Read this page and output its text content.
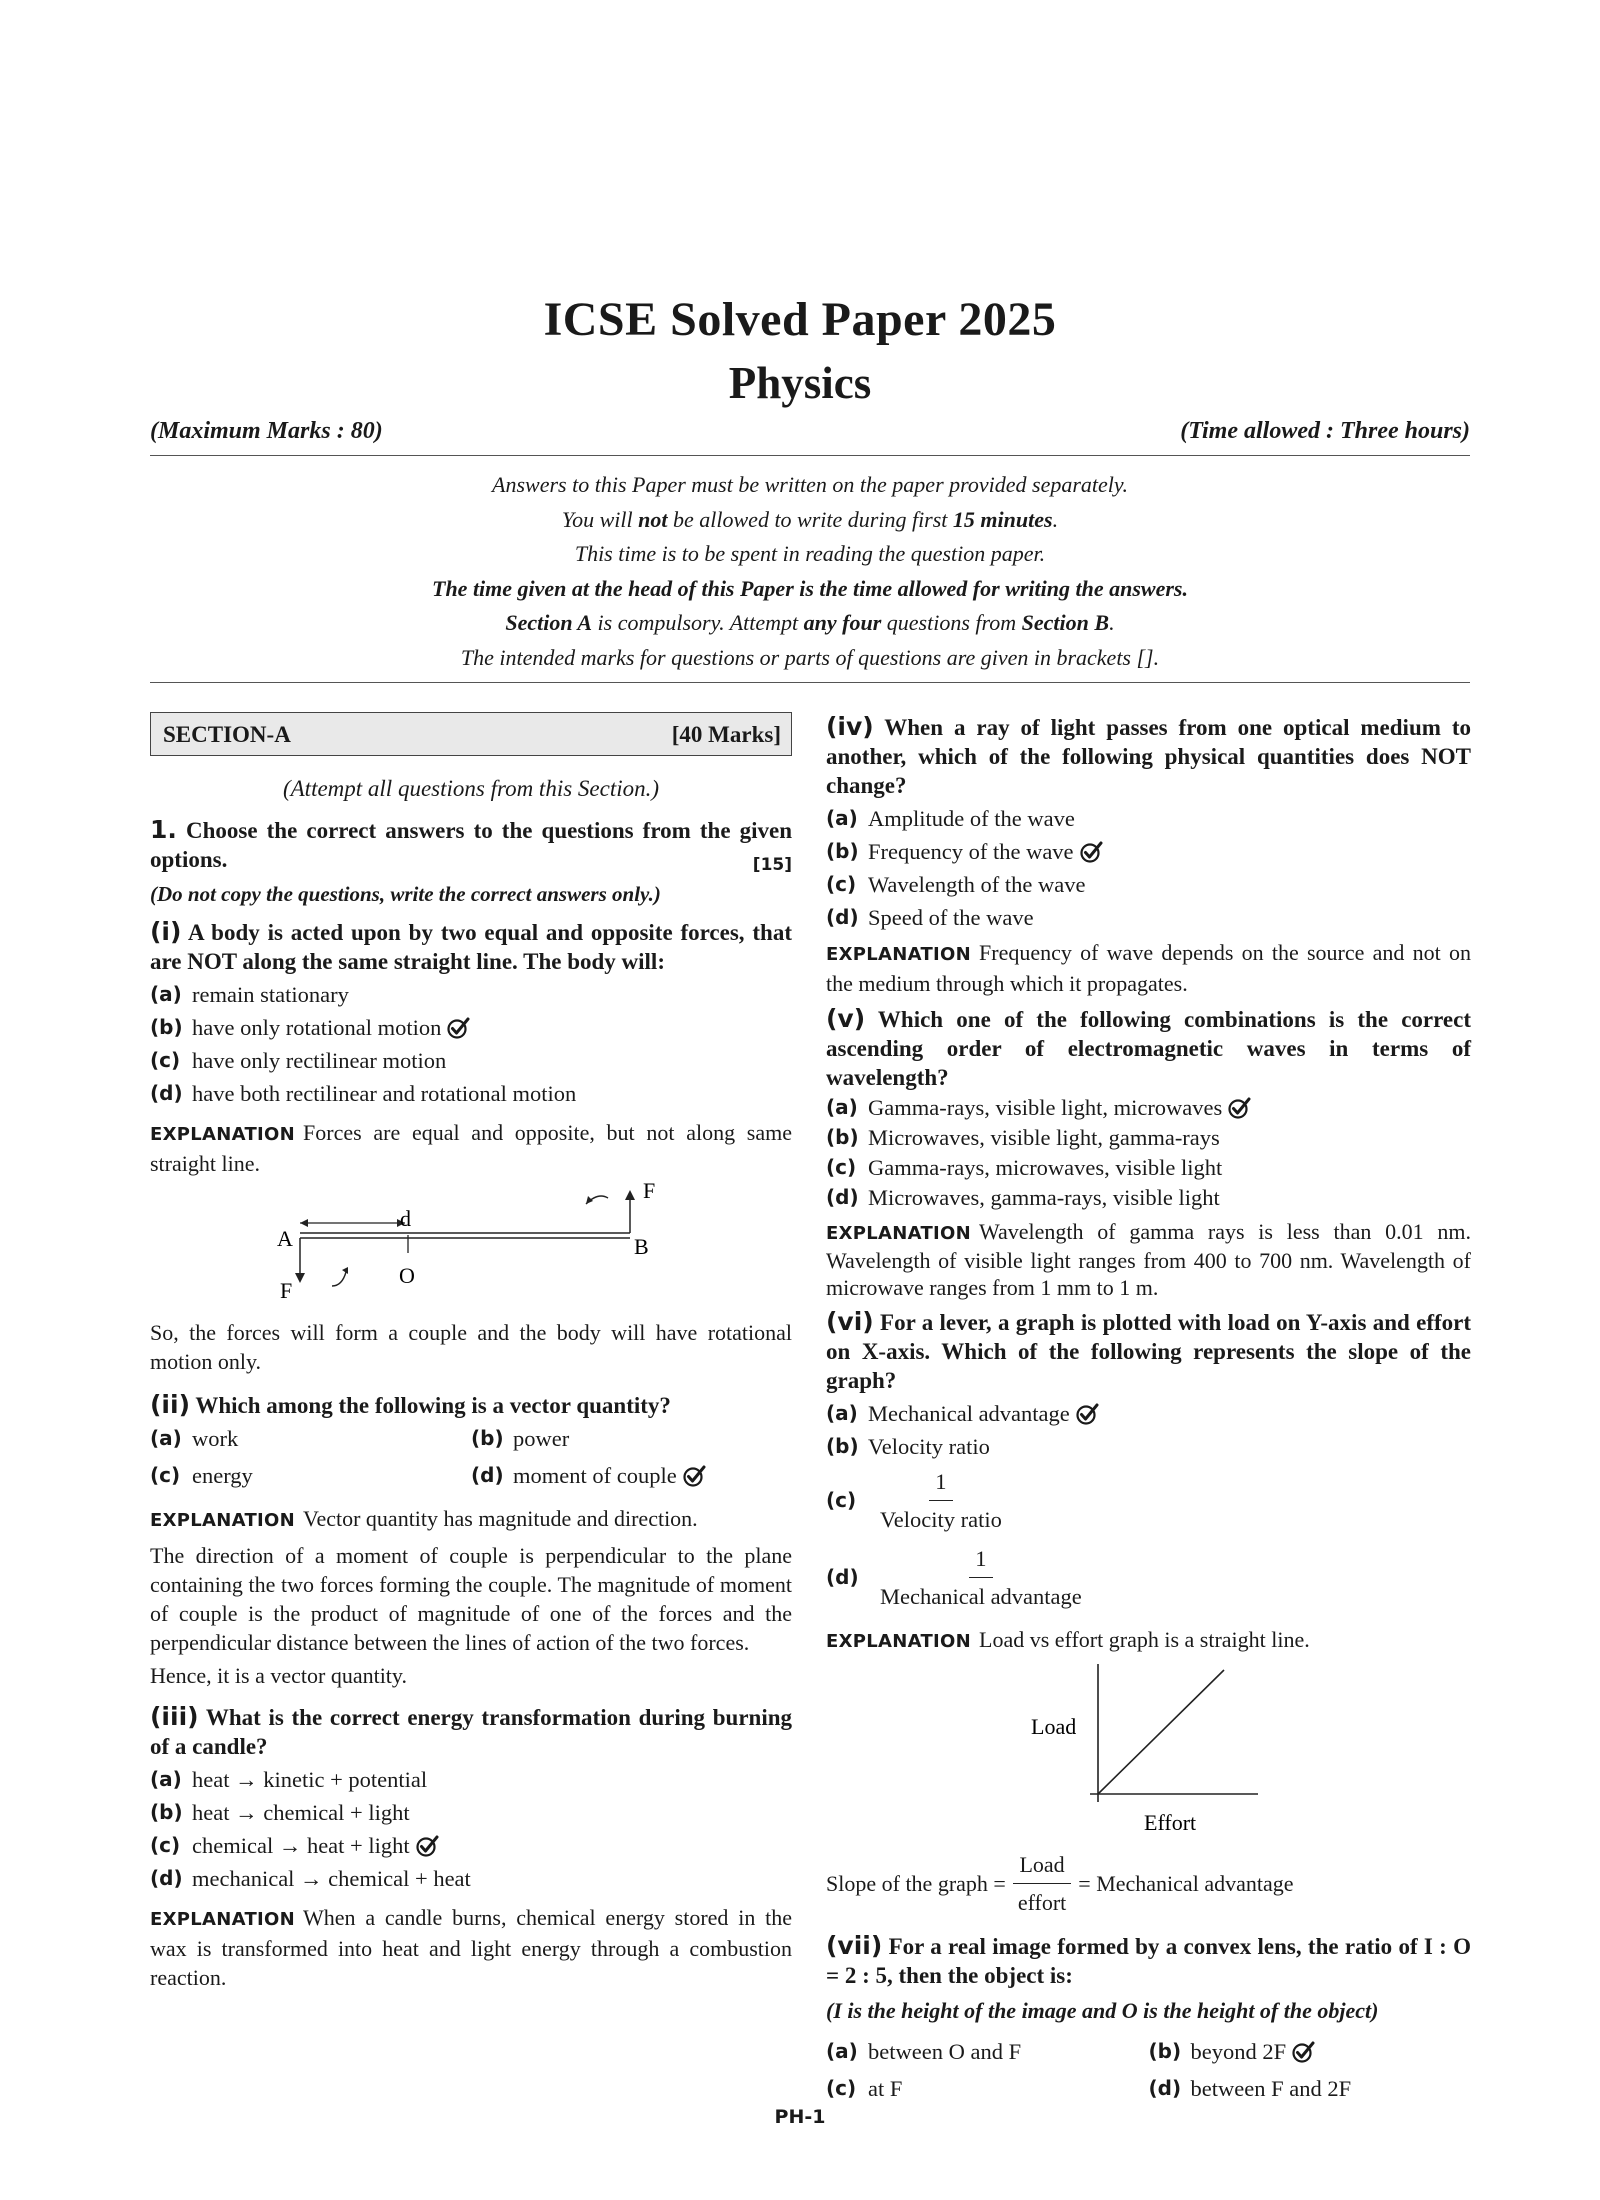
ICSE Solved Paper 2025
Physics
(Maximum Marks : 80)	(Time allowed : Three hours)
Answers to this Paper must be written on the paper provided separately.
You will not be allowed to write during first 15 minutes.
This time is to be spent in reading the question paper.
The time given at the head of this Paper is the time allowed for writing the answers.
Section A is compulsory. Attempt any four questions from Section B.
The intended marks for questions or parts of questions are given in brackets [].
SECTION-A	[40 Marks]
(Attempt all questions from this Section.)
1. Choose the correct answers to the questions from the given options.	[15]
(Do not copy the questions, write the correct answers only.)
(i) A body is acted upon by two equal and opposite forces, that are NOT along the same straight line. The body will:
(a) remain stationary
(b) have only rotational motion
(c) have only rectilinear motion
(d) have both rectilinear and rotational motion
EXPLANATION Forces are equal and opposite, but not along same straight line.
A	B
O
d
F
F
So, the forces will form a couple and the body will have rotational motion only.
(ii) Which among the following is a vector quantity?
(a) work	(b) power
(c) energy	(d) moment of couple
EXPLANATION Vector quantity has magnitude and direction.
The direction of a moment of couple is perpendicular to the plane containing the two forces forming the couple. The magnitude of moment of couple is the product of magnitude of one of the forces and the perpendicular distance between the lines of action of the two forces.
Hence, it is a vector quantity.
(iii) What is the correct energy transformation during burning of a candle?
(a) heat → kinetic + potential
(b) heat → chemical + light
(c) chemical → heat + light
(d) mechanical → chemical + heat
EXPLANATION When a candle burns, chemical energy stored in the wax is transformed into heat and light energy through a combustion reaction.
(iv) When a ray of light passes from one optical medium to another, which of the following physical quantities does NOT change?
(a) Amplitude of the wave
(b) Frequency of the wave
(c) Wavelength of the wave
(d) Speed of the wave
EXPLANATION Frequency of wave depends on the source and not on the medium through which it propagates.
(v) Which one of the following combinations is the correct ascending order of electromagnetic waves in terms of wavelength?
(a) Gamma-rays, visible light, microwaves
(b) Microwaves, visible light, gamma-rays
(c) Gamma-rays, microwaves, visible light
(d) Microwaves, gamma-rays, visible light
EXPLANATION Wavelength of gamma rays is less than 0.01 nm. Wavelength of visible light ranges from 400 to 700 nm. Wavelength of microwave ranges from 1 mm to 1 m.
(vi) For a lever, a graph is plotted with load on Y-axis and effort on X-axis. Which of the following represents the slope of the graph?
(a) Mechanical advantage
(b) Velocity ratio
$(c) \frac{1}{\text{Velocity ratio}}$
$(d) \frac{1}{\text{Mechanical advantage}}$
EXPLANATION Load vs effort graph is a straight line.
Load
Effort
Slope of the graph = $\frac{\text{Load}}{\text{effort}}$ = Mechanical advantage
(vii) For a real image formed by a convex lens, the ratio of I : O = 2 : 5, then the object is:
(I is the height of the image and O is the height of the object)
(a) between O and F	(b) beyond 2F
(c) at F	(d) between F and 2F
PH-1
